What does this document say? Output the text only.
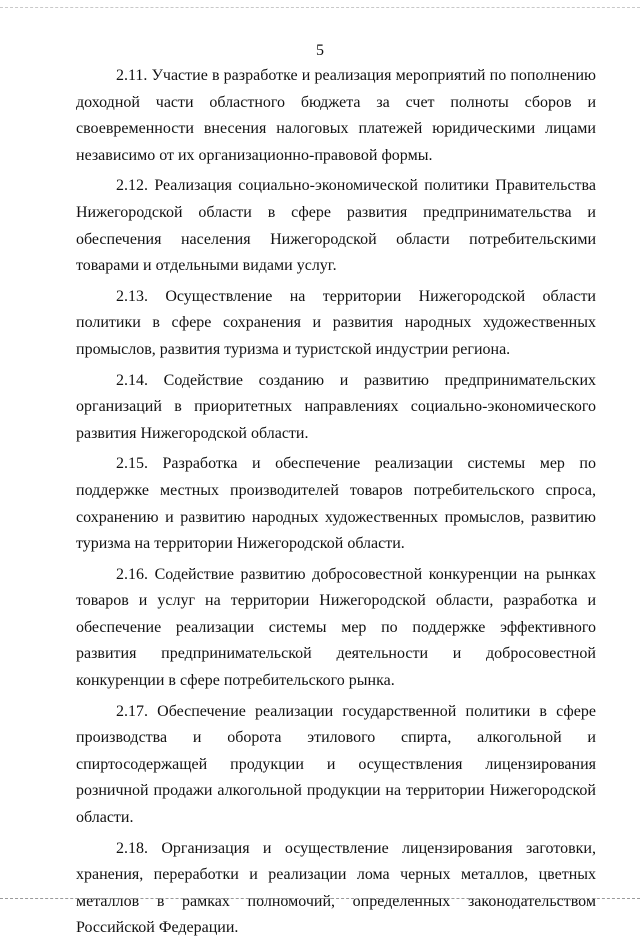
5

2.11. Участие в разработке и реализация мероприятий по пополнению доходной части областного бюджета за счет полноты сборов и своевременности внесения налоговых платежей юридическими лицами независимо от их организационно-правовой формы.

2.12. Реализация социально-экономической политики Правительства Нижегородской области в сфере развития предпринимательства и обеспечения населения Нижегородской области потребительскими товарами и отдельными видами услуг.

2.13. Осуществление на территории Нижегородской области политики в сфере сохранения и развития народных художественных промыслов, развития туризма и туристской индустрии региона.

2.14. Содействие созданию и развитию предпринимательских организаций в приоритетных направлениях социально-экономического развития Нижегородской области.

2.15. Разработка и обеспечение реализации системы мер по поддержке местных производителей товаров потребительского спроса, сохранению и развитию народных художественных промыслов, развитию туризма на территории Нижегородской области.

2.16. Содействие развитию добросовестной конкуренции на рынках товаров и услуг на территории Нижегородской области, разработка и обеспечение реализации системы мер по поддержке эффективного развития предпринимательской деятельности и добросовестной конкуренции в сфере потребительского рынка.

2.17. Обеспечение реализации государственной политики в сфере производства и оборота этилового спирта, алкогольной и спиртосодержащей продукции и осуществления лицензирования розничной продажи алкогольной продукции на территории Нижегородской области.

2.18. Организация и осуществление лицензирования заготовки, хранения, переработки и реализации лома черных металлов, цветных металлов в рамках полномочий, определенных законодательством Российской Федерации.
